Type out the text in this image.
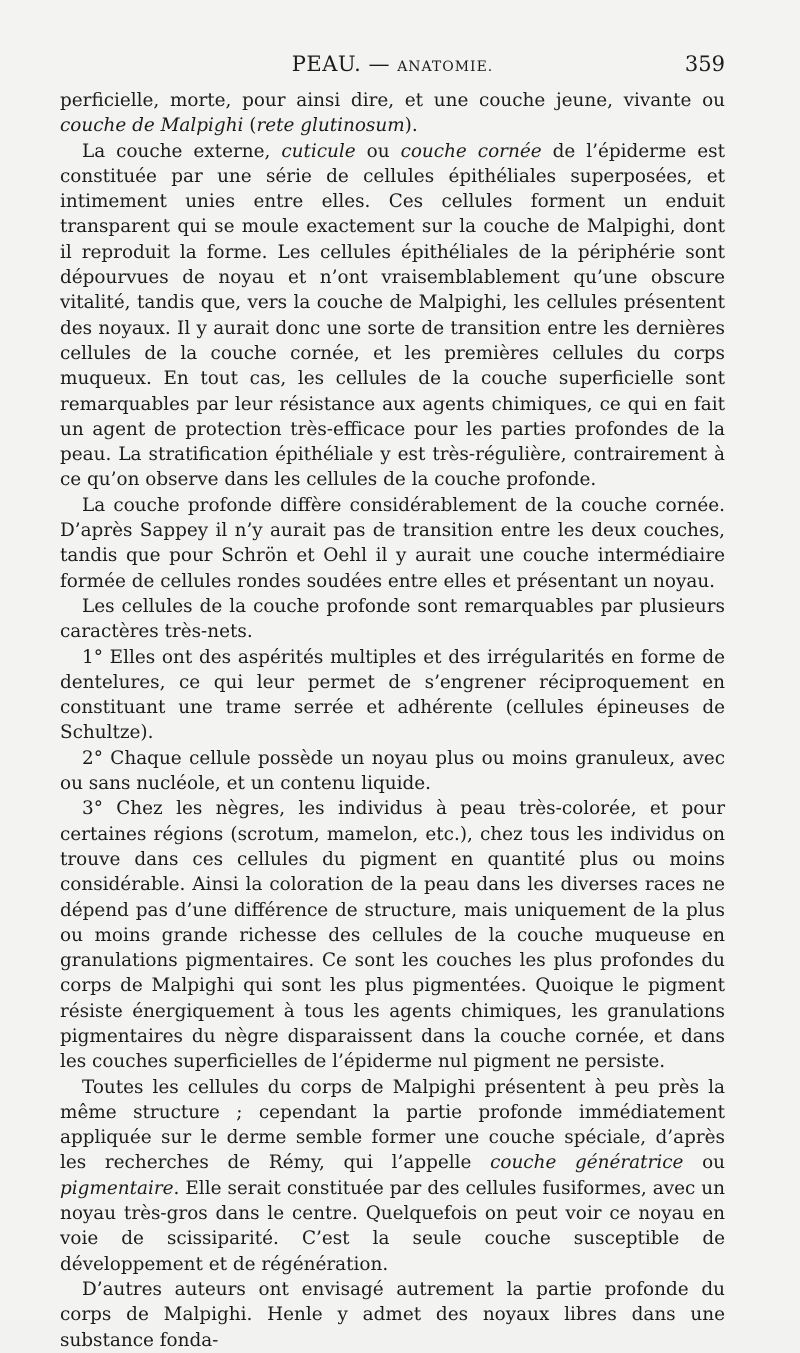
PEAU. — ANATOMIE.	359

perficielle, morte, pour ainsi dire, et une couche jeune, vivante ou couche de Malpighi (rete glutinosum).

La couche externe, cuticule ou couche cornée de l’épiderme est constituée par une série de cellules épithéliales superposées, et intimement unies entre elles. Ces cellules forment un enduit transparent qui se moule exactement sur la couche de Malpighi, dont il reproduit la forme. Les cellules épithéliales de la périphérie sont dépourvues de noyau et n’ont vraisemblablement qu’une obscure vitalité, tandis que, vers la couche de Malpighi, les cellules présentent des noyaux. Il y aurait donc une sorte de transition entre les dernières cellules de la couche cornée, et les premières cellules du corps muqueux. En tout cas, les cellules de la couche superficielle sont remarquables par leur résistance aux agents chimiques, ce qui en fait un agent de protection très-efficace pour les parties profondes de la peau. La stratification épithéliale y est très-régulière, contrairement à ce qu’on observe dans les cellules de la couche profonde.

La couche profonde diffère considérablement de la couche cornée. D’après Sappey il n’y aurait pas de transition entre les deux couches, tandis que pour Schrön et Oehl il y aurait une couche intermédiaire formée de cellules rondes soudées entre elles et présentant un noyau.

Les cellules de la couche profonde sont remarquables par plusieurs caractères très-nets.

1° Elles ont des aspérités multiples et des irrégularités en forme de dentelures, ce qui leur permet de s’engrener réciproquement en constituant une trame serrée et adhérente (cellules épineuses de Schultze).

2° Chaque cellule possède un noyau plus ou moins granuleux, avec ou sans nucléole, et un contenu liquide.

3° Chez les nègres, les individus à peau très-colorée, et pour certaines régions (scrotum, mamelon, etc.), chez tous les individus on trouve dans ces cellules du pigment en quantité plus ou moins considérable. Ainsi la coloration de la peau dans les diverses races ne dépend pas d’une différence de structure, mais uniquement de la plus ou moins grande richesse des cellules de la couche muqueuse en granulations pigmentaires. Ce sont les couches les plus profondes du corps de Malpighi qui sont les plus pigmentées. Quoique le pigment résiste énergiquement à tous les agents chimiques, les granulations pigmentaires du nègre disparaissent dans la couche cornée, et dans les couches superficielles de l’épiderme nul pigment ne persiste.

Toutes les cellules du corps de Malpighi présentent à peu près la même structure ; cependant la partie profonde immédiatement appliquée sur le derme semble former une couche spéciale, d’après les recherches de Rémy, qui l’appelle couche génératrice ou pigmentaire. Elle serait constituée par des cellules fusiformes, avec un noyau très-gros dans le centre. Quelquefois on peut voir ce noyau en voie de scissiparité. C’est la seule couche susceptible de développement et de régénération.

D’autres auteurs ont envisagé autrement la partie profonde du corps de Malpighi. Henle y admet des noyaux libres dans une substance fonda-
